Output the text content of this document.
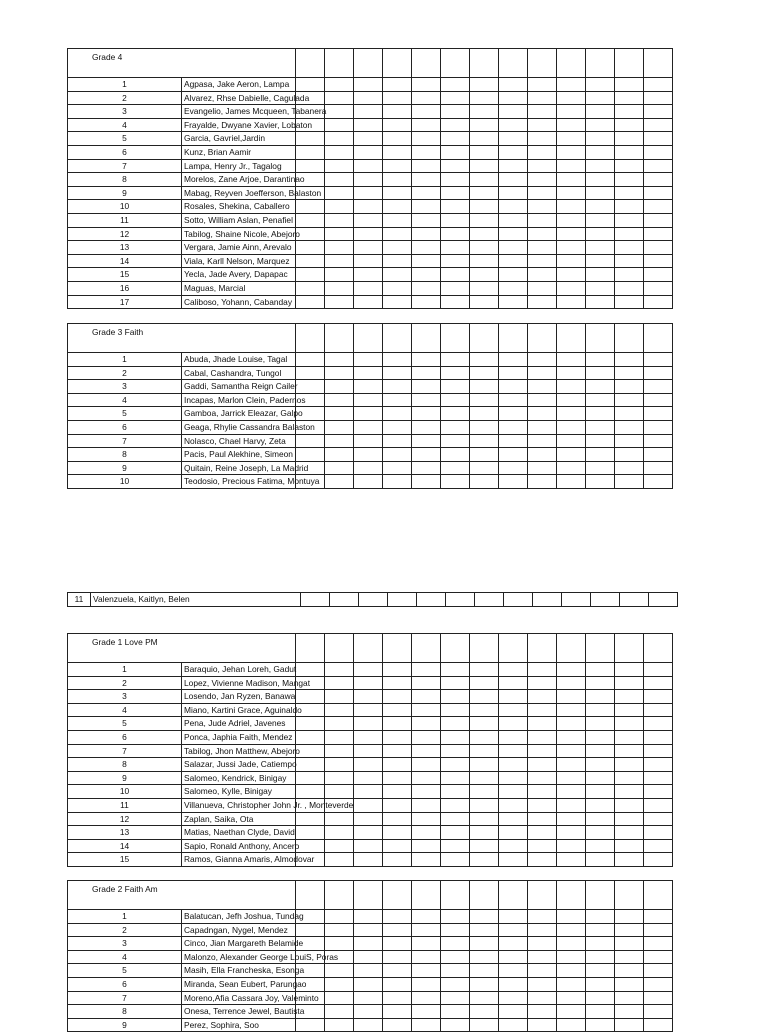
Grade 4														
1	Agpasa, Jake Aeron, Lampa													
2	Alvarez, Rhse Dabielle, Cagulada													
3	Evangelio, James Mcqueen, Tabanera													
4	Frayalde, Dwyane Xavier, Lobaton													
5	Garcia, Gavriel,Jardin													
6	Kunz, Brian Aamir													
7	Lampa, Henry Jr., Tagalog													
8	Morelos, Zane Arjoe, Darantinao													
9	Mabag, Reyven Joefferson, Balaston													
10	Rosales, Shekina, Caballero													
11	Sotto, William Aslan, Penafiel													
12	Tabilog, Shaine Nicole, Abejoro													
13	Vergara, Jamie Ainn, Arevalo													
14	Viala, Karll Nelson, Marquez													
15	Yecla, Jade Avery, Dapapac													
16	Maguas, Marcial													
17	Caliboso, Yohann, Cabanday													
Grade 3 Faith														
1	Abuda, Jhade Louise, Tagal													
2	Cabal, Cashandra, Tungol													
3	Gaddi, Samantha Reign Cailer													
4	Incapas, Marlon Clein, Padernos													
5	Gamboa, Jarrick Eleazar, Galpo													
6	Geaga, Rhylie Cassandra Balaston													
7	Nolasco, Chael Harvy, Zeta													
8	Pacis, Paul Alekhine, Simeon													
9	Quitain, Reine Joseph, La Madrid													
10	Teodosio, Precious Fatima, Montuya													
11	Valenzuela, Kaitlyn, Belen													
Grade 1 Love PM														
1	Baraquio, Jehan Loreh, Gadut													
2	Lopez, Vivienne Madison, Mangat													
3	Losendo, Jan Ryzen, Banawa													
4	Miano, Kartini Grace, Aguinaldo													
5	Pena, Jude Adriel, Javenes													
6	Ponca, Japhia Faith, Mendez													
7	Tabilog, Jhon Matthew, Abejoro													
8	Salazar, Jussi Jade, Catiempo													
9	Salomeo, Kendrick, Binigay													
10	Salomeo, Kylle, Binigay													
11	Villanueva, Christopher John Jr. , Monteverde													
12	Zaplan, Saika, Ota													
13	Matias, Naethan Clyde, David													
14	Sapio, Ronald Anthony, Ancero													
15	Ramos, Gianna Amaris, Almodovar													
Grade 2 Faith Am														
1	Balatucan, Jefh Joshua, Tundag													
2	Capadngan, Nygel, Mendez													
3	Cinco, Jian Margareth Belamide													
4	Malonzo, Alexander George LouiS, Poras													
5	Masih, Ella Francheska, Esonga													
6	Miranda, Sean Eubert, Parungao													
7	Moreno,Afia Cassara Joy, Valeminto													
8	Onesa, Terrence Jewel, Bautista													
9	Perez, Sophira, Soo													
